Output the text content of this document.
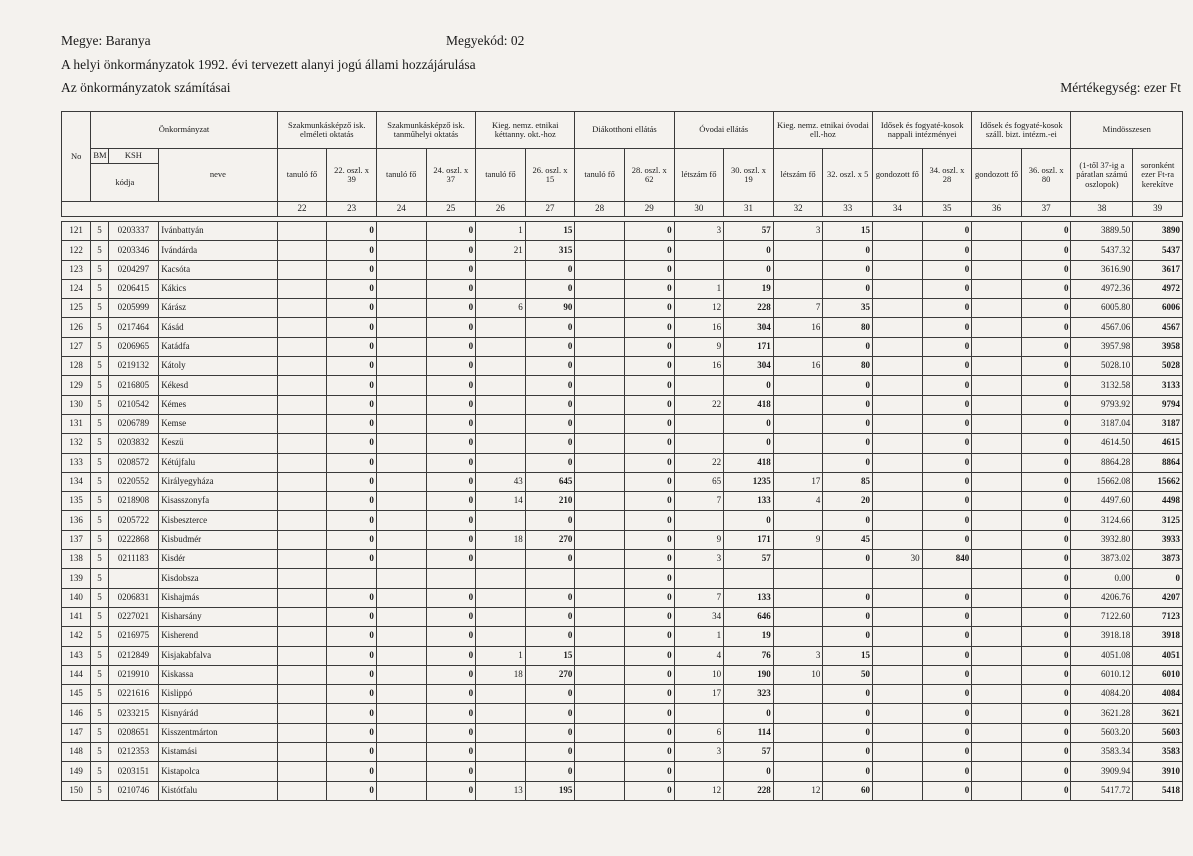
Megye: Baranya	Megyekód: 02
A helyi önkormányzatok 1992. évi tervezett alanyi jogú állami hozzájárulása
Az önkormányzatok számításai	Mértékegység: ezer Ft
No	Önkormányzat			Szakmunkásképző isk. elméleti oktatás		Szakmunkásképző isk. tanműhelyi oktatás		Kieg. nemz. etnikai kéttanny. okt.-hoz		Diákotthoni ellátás		Óvodai ellátás		Kieg. nemz. etnikai óvodai ell.-hoz		Idősek és fogyaté-kosok nappali intézményei		Idősek és fogyaté-kosok száll. bizt. intézm.-ei		Mindösszesen	
	BM	KSH	neve	tanuló fő	22. oszl. x 39	tanuló fő	24. oszl. x 37	tanuló fő	26. oszl. x 15	tanuló fő	28. oszl. x 62	létszám fő	30. oszl. x 19	létszám fő	32. oszl. x 5	gondozott fő	34. oszl. x 28	gondozott fő	36. oszl. x 80	(1-től 37-ig a páratlan számú oszlopok)	soronként ezer Ft-ra kerekítve
	kódja																				
				22	23	24	25	26	27	28	29	30	31	32	33	34	35	36	37	38	39

121	5	0203337	Ivánbattyán		0		0	1	15		0	3	57	3	15		0		0	3889.50	3890
122	5	0203346	Ivándárda		0		0	21	315		0		0		0		0		0	5437.32	5437
123	5	0204297	Kacsóta		0		0		0		0		0		0		0		0	3616.90	3617
124	5	0206415	Kákics		0		0		0		0	1	19		0		0		0	4972.36	4972
125	5	0205999	Kárász		0		0	6	90		0	12	228	7	35		0		0	6005.80	6006
126	5	0217464	Kásád		0		0		0		0	16	304	16	80		0		0	4567.06	4567
127	5	0206965	Katádfa		0		0		0		0	9	171		0		0		0	3957.98	3958
128	5	0219132	Kátoly		0		0		0		0	16	304	16	80		0		0	5028.10	5028
129	5	0216805	Kékesd		0		0		0		0		0		0		0		0	3132.58	3133
130	5	0210542	Kémes		0		0		0		0	22	418		0		0		0	9793.92	9794
131	5	0206789	Kemse		0		0		0		0		0		0		0		0	3187.04	3187
132	5	0203832	Keszü		0		0		0		0		0		0		0		0	4614.50	4615
133	5	0208572	Kétújfalu		0		0		0		0	22	418		0		0		0	8864.28	8864
134	5	0220552	Királyegyháza		0		0	43	645		0	65	1235	17	85		0		0	15662.08	15662
135	5	0218908	Kisasszonyfa		0		0	14	210		0	7	133	4	20		0		0	4497.60	4498
136	5	0205722	Kisbeszterce		0		0		0		0		0		0		0		0	3124.66	3125
137	5	0222868	Kisbudmér		0		0	18	270		0	9	171	9	45		0		0	3932.80	3933
138	5	0211183	Kisdér		0		0		0		0	3	57		0	30	840		0	3873.02	3873
139	5		Kisdobsza								0								0	0.00	0
140	5	0206831	Kishajmás		0		0		0		0	7	133		0		0		0	4206.76	4207
141	5	0227021	Kisharsány		0		0		0		0	34	646		0		0		0	7122.60	7123
142	5	0216975	Kisherend		0		0		0		0	1	19		0		0		0	3918.18	3918
143	5	0212849	Kisjakabfalva		0		0	1	15		0	4	76	3	15		0		0	4051.08	4051
144	5	0219910	Kiskassa		0		0	18	270		0	10	190	10	50		0		0	6010.12	6010
145	5	0221616	Kislippó		0		0		0		0	17	323		0		0		0	4084.20	4084
146	5	0233215	Kisnyárád		0		0		0		0		0		0		0		0	3621.28	3621
147	5	0208651	Kisszentmárton		0		0		0		0	6	114		0		0		0	5603.20	5603
148	5	0212353	Kistamási		0		0		0		0	3	57		0		0		0	3583.34	3583
149	5	0203151	Kistapolca		0		0		0		0		0		0		0		0	3909.94	3910
150	5	0210746	Kistótfalu		0		0	13	195		0	12	228	12	60		0		0	5417.72	5418
